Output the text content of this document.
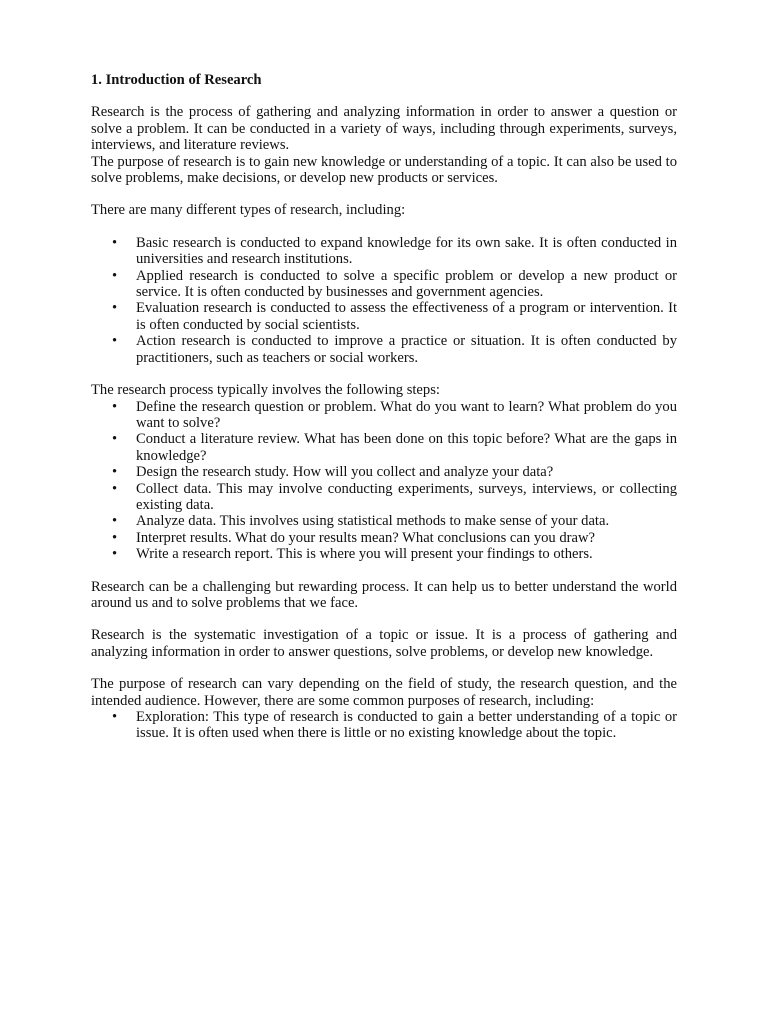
1. Introduction of Research

Research is the process of gathering and analyzing information in order to answer a question or solve a problem. It can be conducted in a variety of ways, including through experiments, surveys, interviews, and literature reviews.

The purpose of research is to gain new knowledge or understanding of a topic. It can also be used to solve problems, make decisions, or develop new products or services.

There are many different types of research, including:

• Basic research is conducted to expand knowledge for its own sake. It is often conducted in universities and research institutions.
• Applied research is conducted to solve a specific problem or develop a new product or service. It is often conducted by businesses and government agencies.
• Evaluation research is conducted to assess the effectiveness of a program or intervention. It is often conducted by social scientists.
• Action research is conducted to improve a practice or situation. It is often conducted by practitioners, such as teachers or social workers.

The research process typically involves the following steps:

• Define the research question or problem. What do you want to learn? What problem do you want to solve?
• Conduct a literature review. What has been done on this topic before? What are the gaps in knowledge?
• Design the research study. How will you collect and analyze your data?
• Collect data. This may involve conducting experiments, surveys, interviews, or collecting existing data.
• Analyze data. This involves using statistical methods to make sense of your data.
• Interpret results. What do your results mean? What conclusions can you draw?
• Write a research report. This is where you will present your findings to others.

Research can be a challenging but rewarding process. It can help us to better understand the world around us and to solve problems that we face.

Research is the systematic investigation of a topic or issue. It is a process of gathering and analyzing information in order to answer questions, solve problems, or develop new knowledge.

The purpose of research can vary depending on the field of study, the research question, and the intended audience. However, there are some common purposes of research, including:

• Exploration: This type of research is conducted to gain a better understanding of a topic or issue. It is often used when there is little or no existing knowledge about the topic.
